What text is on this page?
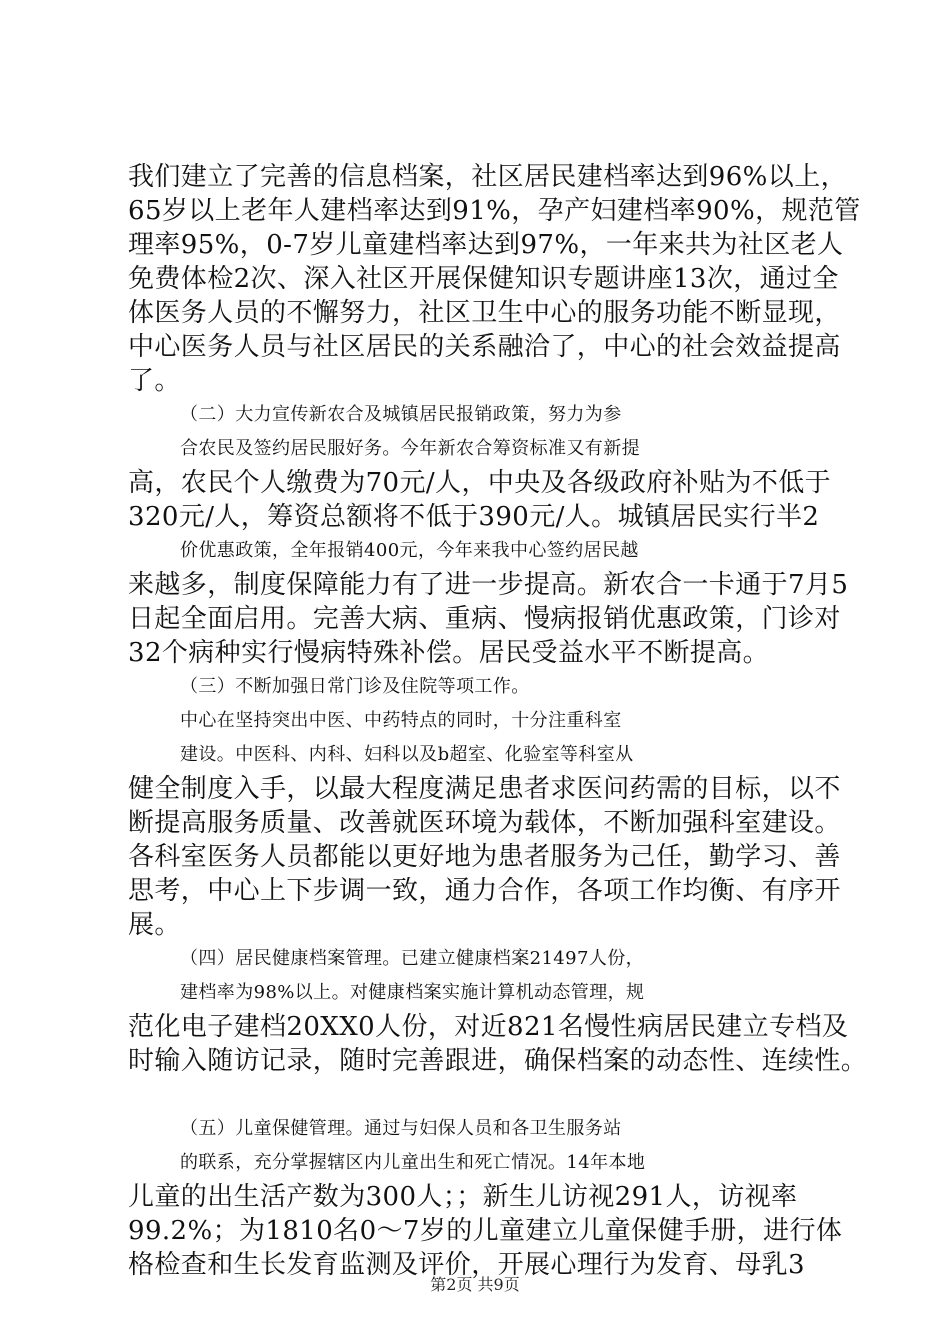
我们建立了完善的信息档案，社区居民建档率达到96%以上，
65岁以上老年人建档率达到91%，孕产妇建档率90%，规范管
理率95%，0-7岁儿童建档率达到97%，一年来共为社区老人
免费体检2次、深入社区开展保健知识专题讲座13次，通过全
体医务人员的不懈努力，社区卫生中心的服务功能不断显现，
中心医务人员与社区居民的关系融洽了，中心的社会效益提高
了。
（二）大力宣传新农合及城镇居民报销政策，努力为参
合农民及签约居民服好务。今年新农合筹资标准又有新提
高，农民个人缴费为70元/人，中央及各级政府补贴为不低于
320元/人，筹资总额将不低于390元/人。城镇居民实行半2
价优惠政策，全年报销400元，今年来我中心签约居民越
来越多，制度保障能力有了进一步提高。新农合一卡通于7月5
日起全面启用。完善大病、重病、慢病报销优惠政策，门诊对
32个病种实行慢病特殊补偿。居民受益水平不断提高。
（三）不断加强日常门诊及住院等项工作。
中心在坚持突出中医、中药特点的同时，十分注重科室
建设。中医科、内科、妇科以及b超室、化验室等科室从
健全制度入手，以最大程度满足患者求医问药需的目标，以不
断提高服务质量、改善就医环境为载体，不断加强科室建设。
各科室医务人员都能以更好地为患者服务为己任，勤学习、善
思考，中心上下步调一致，通力合作，各项工作均衡、有序开
展。
（四）居民健康档案管理。已建立健康档案21497人份，
建档率为98%以上。对健康档案实施计算机动态管理，规
范化电子建档20XX0人份，对近821名慢性病居民建立专档及
时输入随访记录，随时完善跟进，确保档案的动态性、连续性。
（五）儿童保健管理。通过与妇保人员和各卫生服务站
的联系，充分掌握辖区内儿童出生和死亡情况。14年本地
儿童的出生活产数为300人；；新生儿访视291人，访视率
99.2%；为1810名0～7岁的儿童建立儿童保健手册，进行体
格检查和生长发育监测及评价，开展心理行为发育、母乳3
第2页 共9页
